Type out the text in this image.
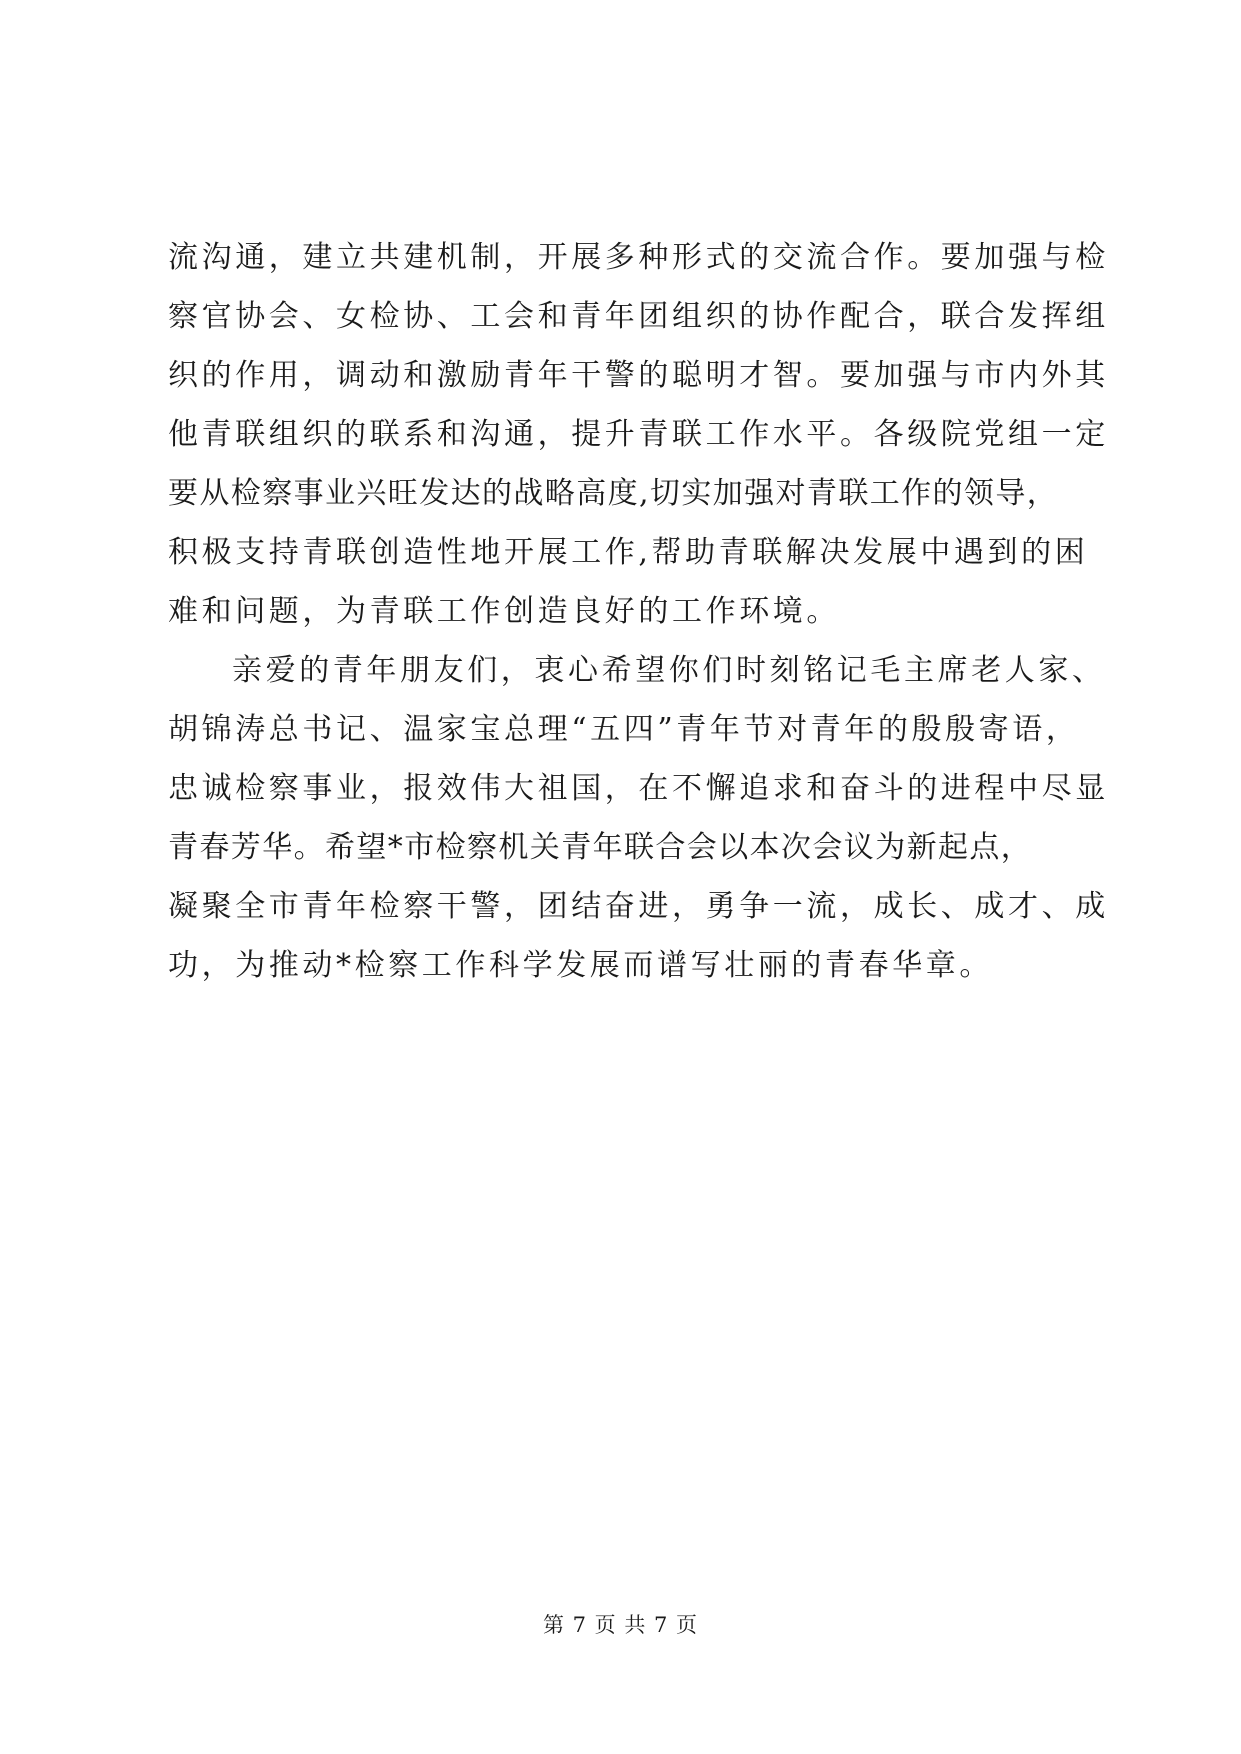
流沟通，建立共建机制，开展多种形式的交流合作。要加强与检
察官协会、女检协、工会和青年团组织的协作配合，联合发挥组
织的作用，调动和激励青年干警的聪明才智。要加强与市内外其
他青联组织的联系和沟通，提升青联工作水平。各级院党组一定
要从检察事业兴旺发达的战略高度,切实加强对青联工作的领导，
积极支持青联创造性地开展工作,帮助青联解决发展中遇到的困
难和问题，为青联工作创造良好的工作环境。
亲爱的青年朋友们，衷心希望你们时刻铭记毛主席老人家、
胡锦涛总书记、温家宝总理“五四”青年节对青年的殷殷寄语，
忠诚检察事业，报效伟大祖国，在不懈追求和奋斗的进程中尽显
青春芳华。希望*市检察机关青年联合会以本次会议为新起点，
凝聚全市青年检察干警，团结奋进，勇争一流，成长、成才、成
功，为推动*检察工作科学发展而谱写壮丽的青春华章。
第 7 页 共 7 页
